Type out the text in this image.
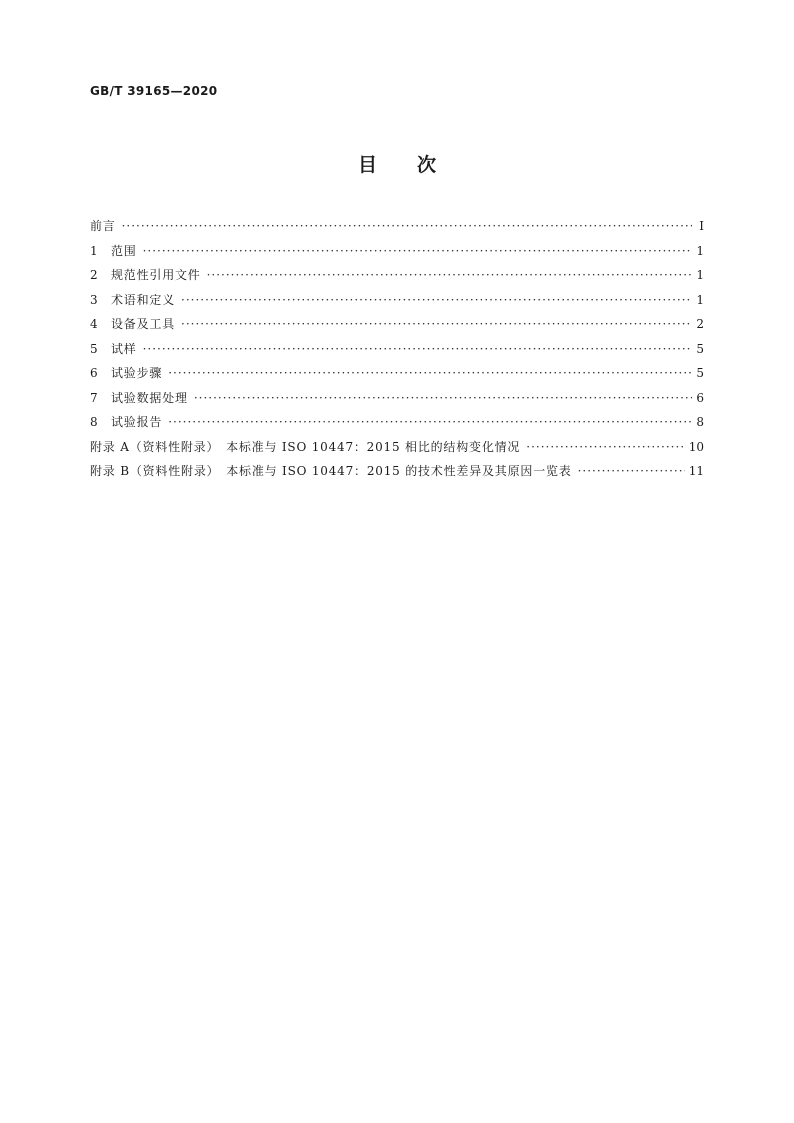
GB/T 39165—2020
目次
前言 ·····	Ⅰ
1	范围 ·····	1
2	规范性引用文件 ·····	1
3	术语和定义 ·····	1
4	设备及工具 ·····	2
5	试样 ·····	5
6	试验步骤 ·····	5
7	试验数据处理 ·····	6
8	试验报告 ·····	8
附录 A（资料性附录）　本标准与 ISO 10447：2015 相比的结构变化情况 ·····	10
附录 B（资料性附录）　本标准与 ISO 10447：2015 的技术性差异及其原因一览表 ·····	11
